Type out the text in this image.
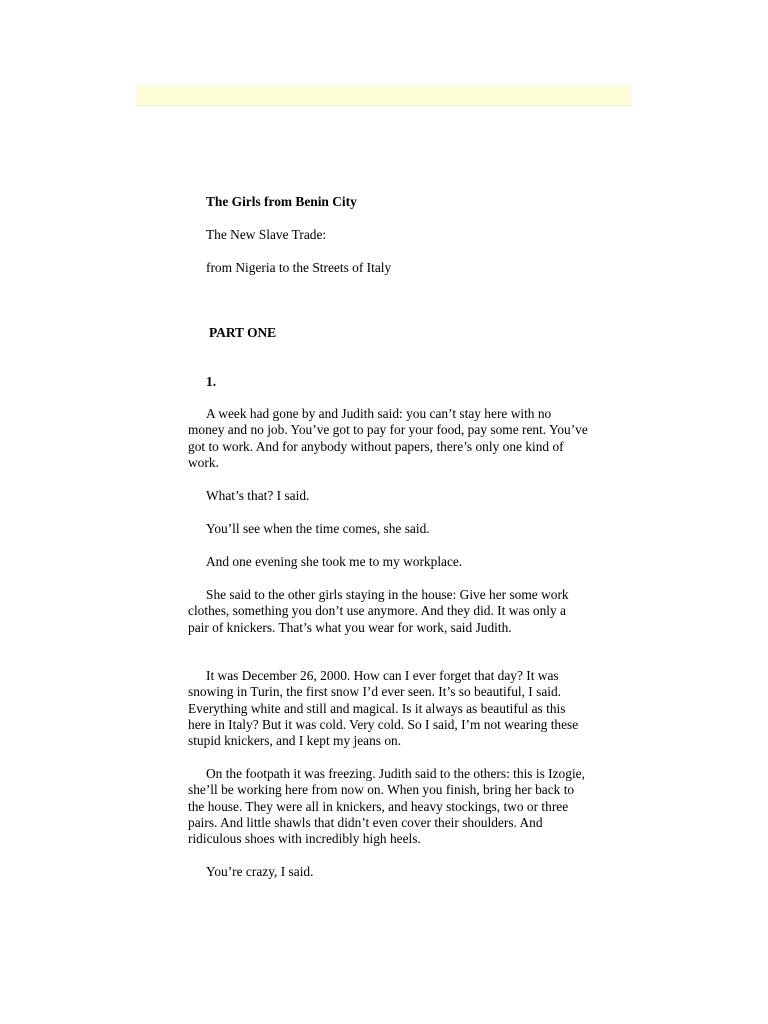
The Girls from Benin City
The New Slave Trade:
from Nigeria to the Streets of Italy
PART ONE
1.

A week had gone by and Judith said: you can’t stay here with no money and no job. You’ve got to pay for your food, pay some rent. You’ve got to work. And for anybody without papers, there’s only one kind of work.

What’s that? I said.

You’ll see when the time comes, she said.

And one evening she took me to my workplace.

She said to the other girls staying in the house: Give her some work clothes, something you don’t use anymore. And they did. It was only a pair of knickers. That’s what you wear for work, said Judith.

It was December 26, 2000. How can I ever forget that day? It was snowing in Turin, the first snow I’d ever seen. It’s so beautiful, I said. Everything white and still and magical. Is it always as beautiful as this here in Italy? But it was cold. Very cold. So I said, I’m not wearing these stupid knickers, and I kept my jeans on.

On the footpath it was freezing. Judith said to the others: this is Izogie, she’ll be working here from now on. When you finish, bring her back to the house. They were all in knickers, and heavy stockings, two or three pairs. And little shawls that didn’t even cover their shoulders. And ridiculous shoes with incredibly high heels.

You’re crazy, I said.
